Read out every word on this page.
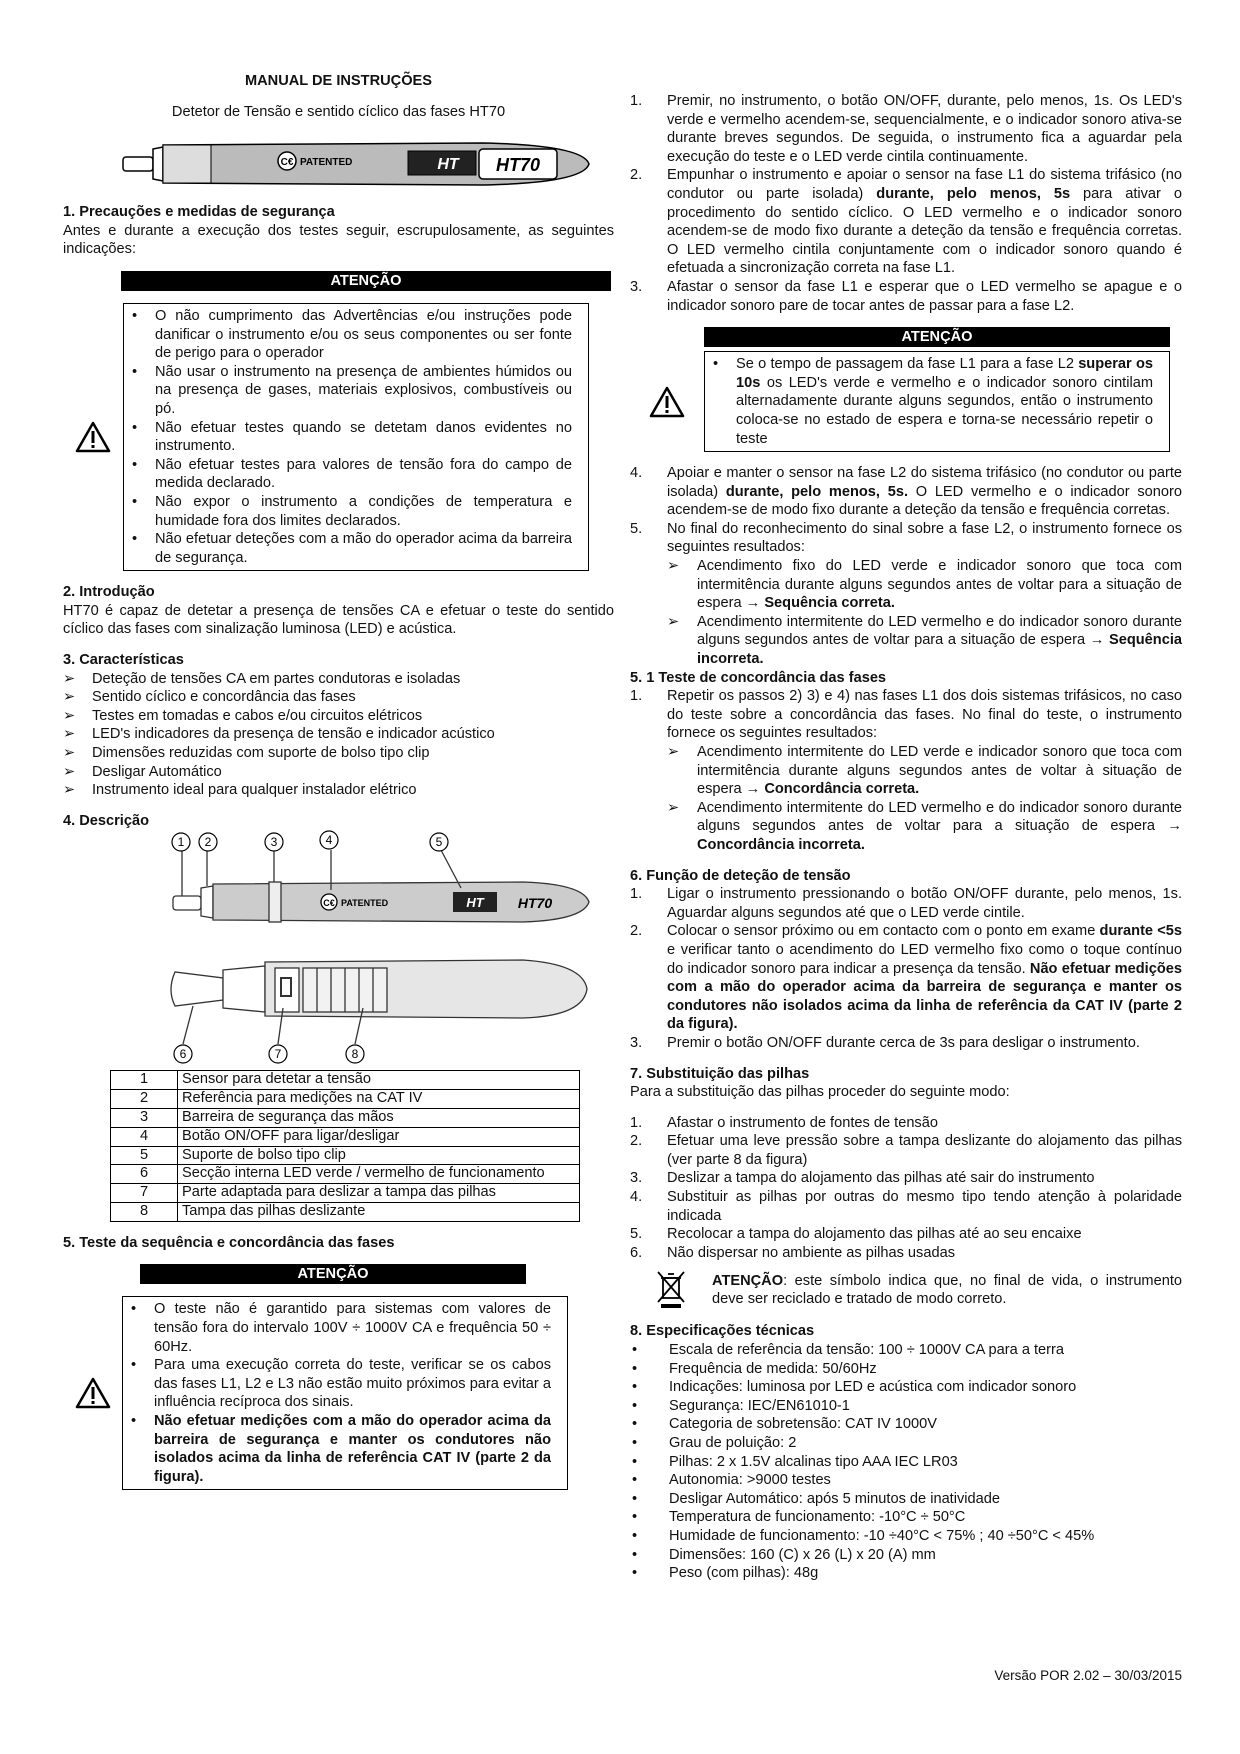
MANUAL DE INSTRUÇÕES

Detetor de Tensão e sentido cíclico das fases HT70

C€ PATENTED	HT HT70
1. Precauções e medidas de segurança

Antes e durante a execução dos testes seguir, escrupulosamente, as seguintes indicações:

ATENÇÃO
•	O não cumprimento das Advertências e/ou instruções pode danificar o instrumento e/ou os seus componentes ou ser fonte de perigo para o operador
•	Não usar o instrumento na presença de ambientes húmidos ou na presença de gases, materiais explosivos, combustíveis ou pó.
•	Não efetuar testes quando se detetam danos evidentes no instrumento.
•	Não efetuar testes para valores de tensão fora do campo de medida declarado.
•	Não expor o instrumento a condições de temperatura e humidade fora dos limites declarados.
•	Não efetuar deteções com a mão do operador acima da barreira de segurança.
2. Introdução

HT70 é capaz de detetar a presença de tensões CA e efetuar o teste do sentido cíclico das fases com sinalização luminosa (LED) e acústica.

3. Características
➢	Deteção de tensões CA em partes condutoras e isoladas
➢	Sentido cíclico e concordância das fases
➢	Testes em tomadas e cabos e/ou circuitos elétricos
➢	LED's indicadores da presença de tensão e indicador acústico
➢	Dimensões reduzidas com suporte de bolso tipo clip
➢	Desligar Automático
➢	Instrumento ideal para qualquer instalador elétrico
4. Descrição
C€ PATENTED	HT HT70
1 2	3	4	5
6	7	8
1	Sensor para detetar a tensão
2	Referência para medições na CAT IV
3	Barreira de segurança das mãos
4	Botão ON/OFF para ligar/desligar
5	Suporte de bolso tipo clip
6	Secção interna LED verde / vermelho de funcionamento
7	Parte adaptada para deslizar a tampa das pilhas
8	Tampa das pilhas deslizante
5. Teste da sequência e concordância das fases
ATENÇÃO
•	O teste não é garantido para sistemas com valores de tensão fora do intervalo 100V ÷ 1000V CA e frequência 50 ÷ 60Hz.
•	Para uma execução correta do teste, verificar se os cabos das fases L1, L2 e L3 não estão muito próximos para evitar a influência recíproca dos sinais.
•	Não efetuar medições com a mão do operador acima da barreira de segurança e manter os condutores não isolados acima da linha de referência CAT IV (parte 2 da figura).
1.	Premir, no instrumento, o botão ON/OFF, durante, pelo menos, 1s. Os LED's verde e vermelho acendem-se, sequencialmente, e o indicador sonoro ativa-se durante breves segundos. De seguida, o instrumento fica a aguardar pela execução do teste e o LED verde cintila continuamente.
2.	Empunhar o instrumento e apoiar o sensor na fase L1 do sistema trifásico (no condutor ou parte isolada) durante, pelo menos, 5s para ativar o procedimento do sentido cíclico. O LED vermelho e o indicador sonoro acendem-se de modo fixo durante a deteção da tensão e frequência corretas. O LED vermelho cintila conjuntamente com o indicador sonoro quando é efetuada a sincronização correta na fase L1.
3.	Afastar o sensor da fase L1 e esperar que o LED vermelho se apague e o indicador sonoro pare de tocar antes de passar para a fase L2.
ATENÇÃO
•	Se o tempo de passagem da fase L1 para a fase L2 superar os 10s os LED's verde e vermelho e o indicador sonoro cintilam alternadamente durante alguns segundos, então o instrumento coloca-se no estado de espera e torna-se necessário repetir o teste
4.	Apoiar e manter o sensor na fase L2 do sistema trifásico (no condutor ou parte isolada) durante, pelo menos, 5s. O LED vermelho e o indicador sonoro acendem-se de modo fixo durante a deteção da tensão e frequência corretas.
5.	No final do reconhecimento do sinal sobre a fase L2, o instrumento fornece os seguintes resultados:
➢	Acendimento fixo do LED verde e indicador sonoro que toca com intermitência durante alguns segundos antes de voltar para a situação de espera → Sequência correta.
➢	Acendimento intermitente do LED vermelho e do indicador sonoro durante alguns segundos antes de voltar para a situação de espera → Sequência incorreta.
5. 1 Teste de concordância das fases
1.	Repetir os passos 2) 3) e 4) nas fases L1 dos dois sistemas trifásicos, no caso do teste sobre a concordância das fases. No final do teste, o instrumento fornece os seguintes resultados:
➢	Acendimento intermitente do LED verde e indicador sonoro que toca com intermitência durante alguns segundos antes de voltar à situação de espera → Concordância correta.
➢	Acendimento intermitente do LED vermelho e do indicador sonoro durante alguns segundos antes de voltar para a situação de espera → Concordância incorreta.
6. Função de deteção de tensão
1.	Ligar o instrumento pressionando o botão ON/OFF durante, pelo menos, 1s. Aguardar alguns segundos até que o LED verde cintile.
2.	Colocar o sensor próximo ou em contacto com o ponto em exame durante <5s e verificar tanto o acendimento do LED vermelho fixo como o toque contínuo do indicador sonoro para indicar a presença da tensão. Não efetuar medições com a mão do operador acima da barreira de segurança e manter os condutores não isolados acima da linha de referência da CAT IV (parte 2 da figura).
3.	Premir o botão ON/OFF durante cerca de 3s para desligar o instrumento.
7. Substituição das pilhas

Para a substituição das pilhas proceder do seguinte modo:

1.	Afastar o instrumento de fontes de tensão
2.	Efetuar uma leve pressão sobre a tampa deslizante do alojamento das pilhas (ver parte 8 da figura)
3.	Deslizar a tampa do alojamento das pilhas até sair do instrumento
4.	Substituir as pilhas por outras do mesmo tipo tendo atenção à polaridade indicada
5.	Recolocar a tampa do alojamento das pilhas até ao seu encaixe
6.	Não dispersar no ambiente as pilhas usadas

ATENÇÃO: este símbolo indica que, no final de vida, o instrumento deve ser reciclado e tratado de modo correto.

8. Especificações técnicas
•	Escala de referência da tensão: 100 ÷ 1000V CA para a terra
•	Frequência de medida: 50/60Hz
•	Indicações: luminosa por LED e acústica com indicador sonoro
•	Segurança: IEC/EN61010-1
•	Categoria de sobretensão: CAT IV 1000V
•	Grau de poluição: 2
•	Pilhas: 2 x 1.5V alcalinas tipo AAA IEC LR03
•	Autonomia: >9000 testes
•	Desligar Automático: após 5 minutos de inatividade
•	Temperatura de funcionamento: -10°C ÷ 50°C
•	Humidade de funcionamento: -10 ÷40°C < 75% ; 40 ÷50°C < 45%
•	Dimensões: 160 (C) x 26 (L) x 20 (A) mm
•	Peso (com pilhas): 48g
Versão POR 2.02 – 30/03/2015
